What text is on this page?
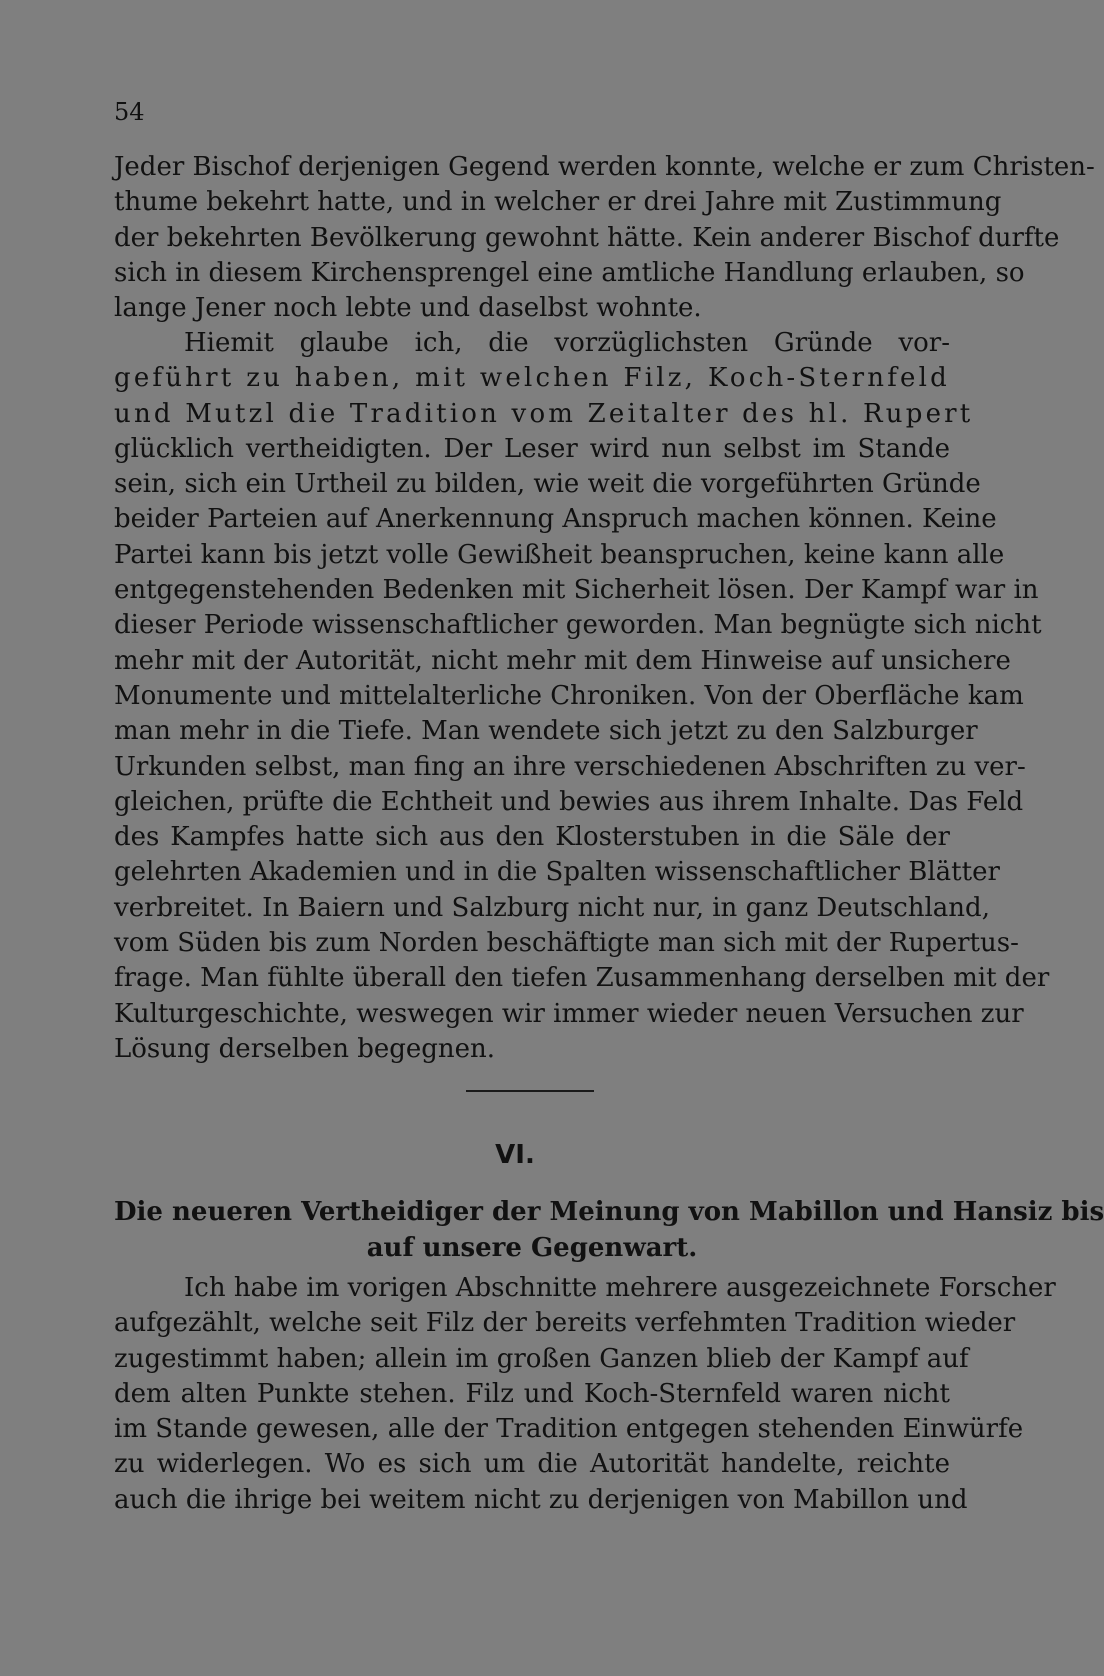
54
Jeder Bischof derjenigen Gegend werden konnte, welche er zum Christen-
thume bekehrt hatte, und in welcher er drei Jahre mit Zustimmung
der bekehrten Bevölkerung gewohnt hätte. Kein anderer Bischof durfte
sich in diesem Kirchensprengel eine amtliche Handlung erlauben, so
lange Jener noch lebte und daselbst wohnte.
Hiemit glaube ich, die vorzüglichsten Gründe vor-
geführt zu haben, mit welchen Filz, Koch-Sternfeld
und Mutzl die Tradition vom Zeitalter des hl. Rupert
glücklich vertheidigten. Der Leser wird nun selbst im Stande
sein, sich ein Urtheil zu bilden, wie weit die vorgeführten Gründe
beider Parteien auf Anerkennung Anspruch machen können. Keine
Partei kann bis jetzt volle Gewißheit beanspruchen, keine kann alle
entgegenstehenden Bedenken mit Sicherheit lösen. Der Kampf war in
dieser Periode wissenschaftlicher geworden. Man begnügte sich nicht
mehr mit der Autorität, nicht mehr mit dem Hinweise auf unsichere
Monumente und mittelalterliche Chroniken. Von der Oberfläche kam
man mehr in die Tiefe. Man wendete sich jetzt zu den Salzburger
Urkunden selbst, man fing an ihre verschiedenen Abschriften zu ver-
gleichen, prüfte die Echtheit und bewies aus ihrem Inhalte. Das Feld
des Kampfes hatte sich aus den Klosterstuben in die Säle der
gelehrten Akademien und in die Spalten wissenschaftlicher Blätter
verbreitet. In Baiern und Salzburg nicht nur, in ganz Deutschland,
vom Süden bis zum Norden beschäftigte man sich mit der Rupertus-
frage. Man fühlte überall den tiefen Zusammenhang derselben mit der
Kulturgeschichte, weswegen wir immer wieder neuen Versuchen zur
Lösung derselben begegnen.
VI.
Die neueren Vertheidiger der Meinung von Mabillon und Hansiz bis
auf unsere Gegenwart.
Ich habe im vorigen Abschnitte mehrere ausgezeichnete Forscher
aufgezählt, welche seit Filz der bereits verfehmten Tradition wieder
zugestimmt haben; allein im großen Ganzen blieb der Kampf auf
dem alten Punkte stehen. Filz und Koch-Sternfeld waren nicht
im Stande gewesen, alle der Tradition entgegen stehenden Einwürfe
zu widerlegen. Wo es sich um die Autorität handelte, reichte
auch die ihrige bei weitem nicht zu derjenigen von Mabillon und
